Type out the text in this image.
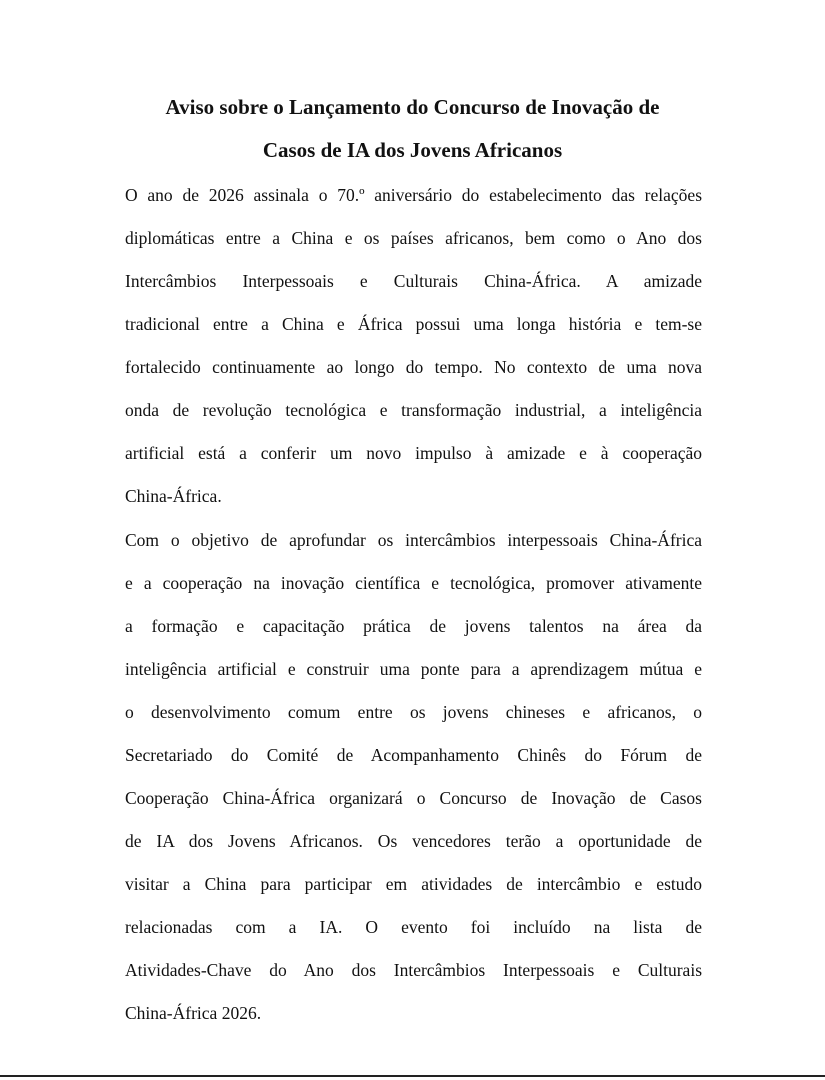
Aviso sobre o Lançamento do Concurso de Inovação de
Casos de IA dos Jovens Africanos
O ano de 2026 assinala o 70.º aniversário do estabelecimento das relações
diplomáticas entre a China e os países africanos, bem como o Ano dos
Intercâmbios Interpessoais e Culturais China-África. A amizade
tradicional entre a China e África possui uma longa história e tem-se
fortalecido continuamente ao longo do tempo. No contexto de uma nova
onda de revolução tecnológica e transformação industrial, a inteligência
artificial está a conferir um novo impulso à amizade e à cooperação
China-África.
Com o objetivo de aprofundar os intercâmbios interpessoais China-África
e a cooperação na inovação científica e tecnológica, promover ativamente
a formação e capacitação prática de jovens talentos na área da
inteligência artificial e construir uma ponte para a aprendizagem mútua e
o desenvolvimento comum entre os jovens chineses e africanos, o
Secretariado do Comité de Acompanhamento Chinês do Fórum de
Cooperação China-África organizará o Concurso de Inovação de Casos
de IA dos Jovens Africanos. Os vencedores terão a oportunidade de
visitar a China para participar em atividades de intercâmbio e estudo
relacionadas com a IA. O evento foi incluído na lista de
Atividades-Chave do Ano dos Intercâmbios Interpessoais e Culturais
China-África 2026.
